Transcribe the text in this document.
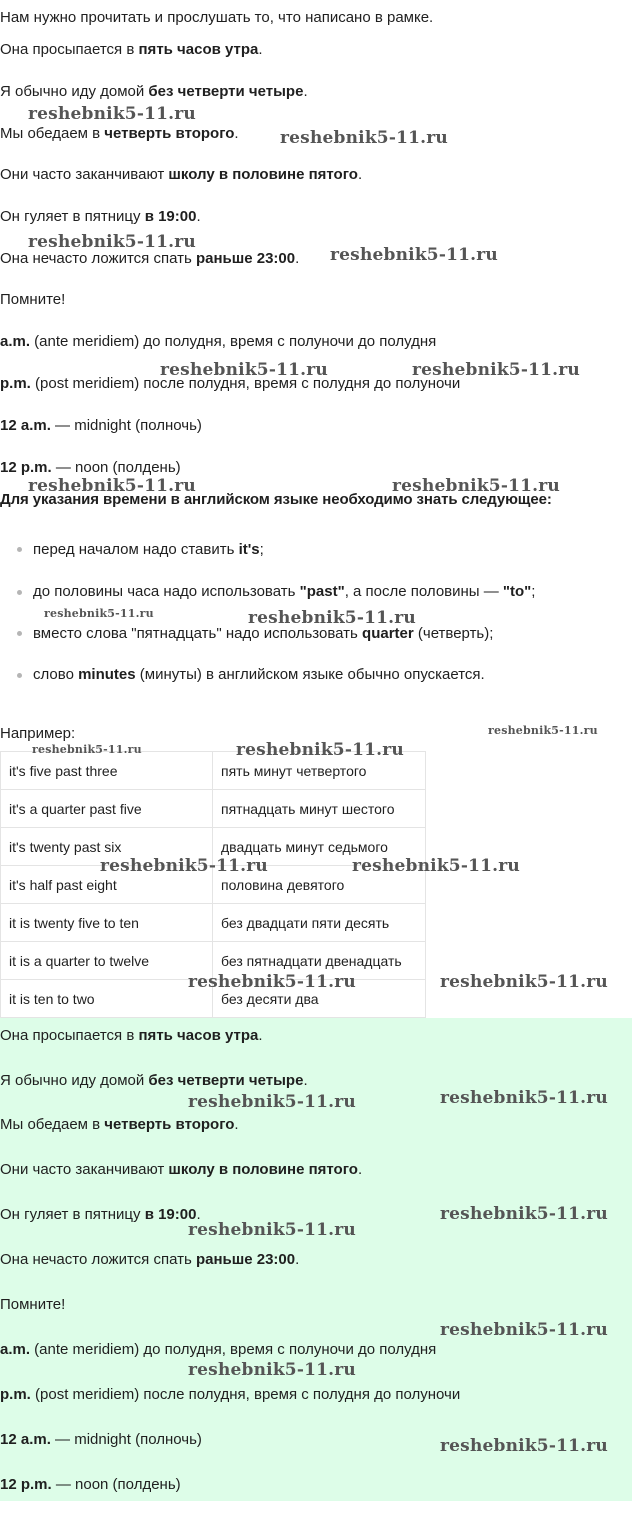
Нам нужно прочитать и прослушать то, что написано в рамке.
Она просыпается в пять часов утра.
Я обычно иду домой без четверти четыре.
Мы обедаем в четверть второго.
Они часто заканчивают школу в половине пятого.
Он гуляет в пятницу в 19:00.
Она нечасто ложится спать раньше 23:00.
Помните!
a.m. (ante meridiem) до полудня, время с полуночи до полудня
p.m. (post meridiem) после полудня, время с полудня до полуночи
12 a.m. — midnight (полночь)
12 p.m. — noon (полдень)
Для указания времени в английском языке необходимо знать следующее:
перед началом надо ставить it's;
до половины часа надо использовать "past", а после половины — "to";
вместо слова "пятнадцать" надо использовать quarter (четверть);
слово minutes (минуты) в английском языке обычно опускается.
Например:
it's five past three	пять минут четвертого
it's a quarter past five	пятнадцать минут шестого
it's twenty past six	двадцать минут седьмого
it's half past eight	половина девятого
it is twenty five to ten	без двадцати пяти десять
it is a quarter to twelve	без пятнадцати двенадцать
it is ten to two	без десяти два
Она просыпается в пять часов утра.
Я обычно иду домой без четверти четыре.
Мы обедаем в четверть второго.
Они часто заканчивают школу в половине пятого.
Он гуляет в пятницу в 19:00.
Она нечасто ложится спать раньше 23:00.
Помните!
a.m. (ante meridiem) до полудня, время с полуночи до полудня
p.m. (post meridiem) после полудня, время с полудня до полуночи
12 a.m. — midnight (полночь)
12 p.m. — noon (полдень)
reshebnik5-11.ru
reshebnik5-11.ru
reshebnik5-11.ru
reshebnik5-11.ru
reshebnik5-11.ru	reshebnik5-11.ru
reshebnik5-11.ru	reshebnik5-11.ru
reshebnik5-11.ru	reshebnik5-11.ru
reshebnik5-11.ru
reshebnik5-11.ru	reshebnik5-11.ru
reshebnik5-11.ru	reshebnik5-11.ru
reshebnik5-11.ru	reshebnik5-11.ru
reshebnik5-11.ru	reshebnik5-11.ru
reshebnik5-11.ru
reshebnik5-11.ru
reshebnik5-11.ru
reshebnik5-11.ru
reshebnik5-11.ru
